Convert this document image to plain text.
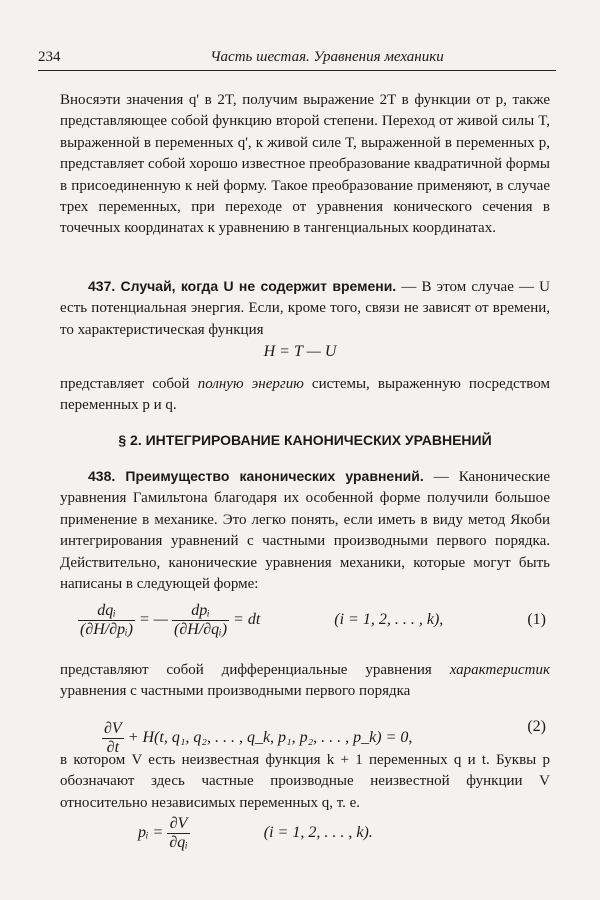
234	Часть шестая. Уравнения механики
Вносяэти значения q' в 2T, получим выражение 2T в функции от p, также представляющее собой функцию второй степени. Переход от живой силы T, выраженной в переменных q', к живой силе T, выраженной в переменных p, представляет собой хорошо известное преобразование квадратичной формы в присоединенную к ней форму. Такое преобразование применяют, в случае трех переменных, при переходе от уравнения конического сечения в точечных координатах к уравнению в тангенциальных координатах.
437. Случай, когда U не содержит времени. — В этом случае — U есть потенциальная энергия. Если, кроме того, связи не зависят от времени, то характеристическая функция
H = T — U
представляет собой полную энергию системы, выраженную посредством переменных p и q.
§ 2. ИНТЕГРИРОВАНИЕ КАНОНИЧЕСКИХ УРАВНЕНИЙ
438. Преимущество канонических уравнений. — Канонические уравнения Гамильтона благодаря их особенной форме получили большое применение в механике. Это легко понять, если иметь в виду метод Якоби интегрирования уравнений с частными производными первого порядка. Действительно, канонические уравнения механики, которые могут быть написаны в следующей форме:
$\frac{\text{dqᵢ}}{\text{(∂H/∂pᵢ)}}$ = — $\frac{\text{dpᵢ}}{\text{(∂H/∂qᵢ)}}$ = dt	(i = 1, 2, . . . , k),	(1)
представляют собой дифференциальные уравнения характеристик уравнения с частными производными первого порядка
$\frac{\partial V}{\partial t} + H(t$, q₁, q₂, . . . , q_k, p₁, p₂, . . . , p_k) = 0,
(2)
в котором V есть неизвестная функция k + 1 переменных q и t. Буквы p обозначают здесь частные производные неизвестной функции V относительно независимых переменных q, т. е.
pᵢ = $\frac{\partial V}{\text{∂qᵢ}}$	(i = 1, 2, . . . , k).
